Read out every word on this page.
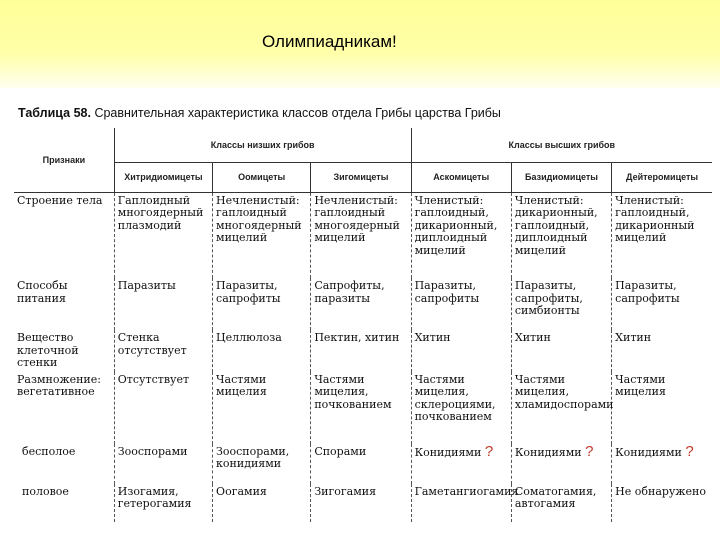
Олимпиадникам!
Таблица 58. Сравнительная характеристика классов отдела Грибы царства Грибы
Признаки	Классы низших грибов			Классы высших грибов		
	Хитридиомицеты	Оомицеты	Зигомицеты	Аскомицеты	Базидиомицеты	Дейтеромицеты
Строение тела	Гаплоидный многоядерный плазмодий	Нечленистый: гаплоидный многоядерный мицелий	Нечленистый: гаплоидный многоядерный мицелий	Членистый: гаплоидный, дикарионный, диплоидный мицелий	Членистый: дикарионный, гаплоидный, диплоидный мицелий	Членистый: гаплоидный, дикарионный мицелий
Способы питания	Паразиты	Паразиты, сапрофиты	Сапрофиты, паразиты	Паразиты, сапрофиты	Паразиты, сапрофиты, симбионты	Паразиты, сапрофиты
Вещество клеточной стенки	Стенка отсутствует	Целлюлоза	Пектин, хитин	Хитин	Хитин	Хитин
Размножение: вегетативное	Отсутствует	Частями мицелия	Частями мицелия, почкованием	Частями мицелия, склероциями, почкованием	Частями мицелия, хламидоспорами	Частями мицелия
бесполое	Зооспорами	Зооспорами, конидиями	Спорами	Конидиями ?	Конидиями ?	Конидиями ?
половое	Изогамия, гетерогамия	Оогамия	Зигогамия	Гаметангиогамия	Соматогамия, автогамия	Не обнаружено
